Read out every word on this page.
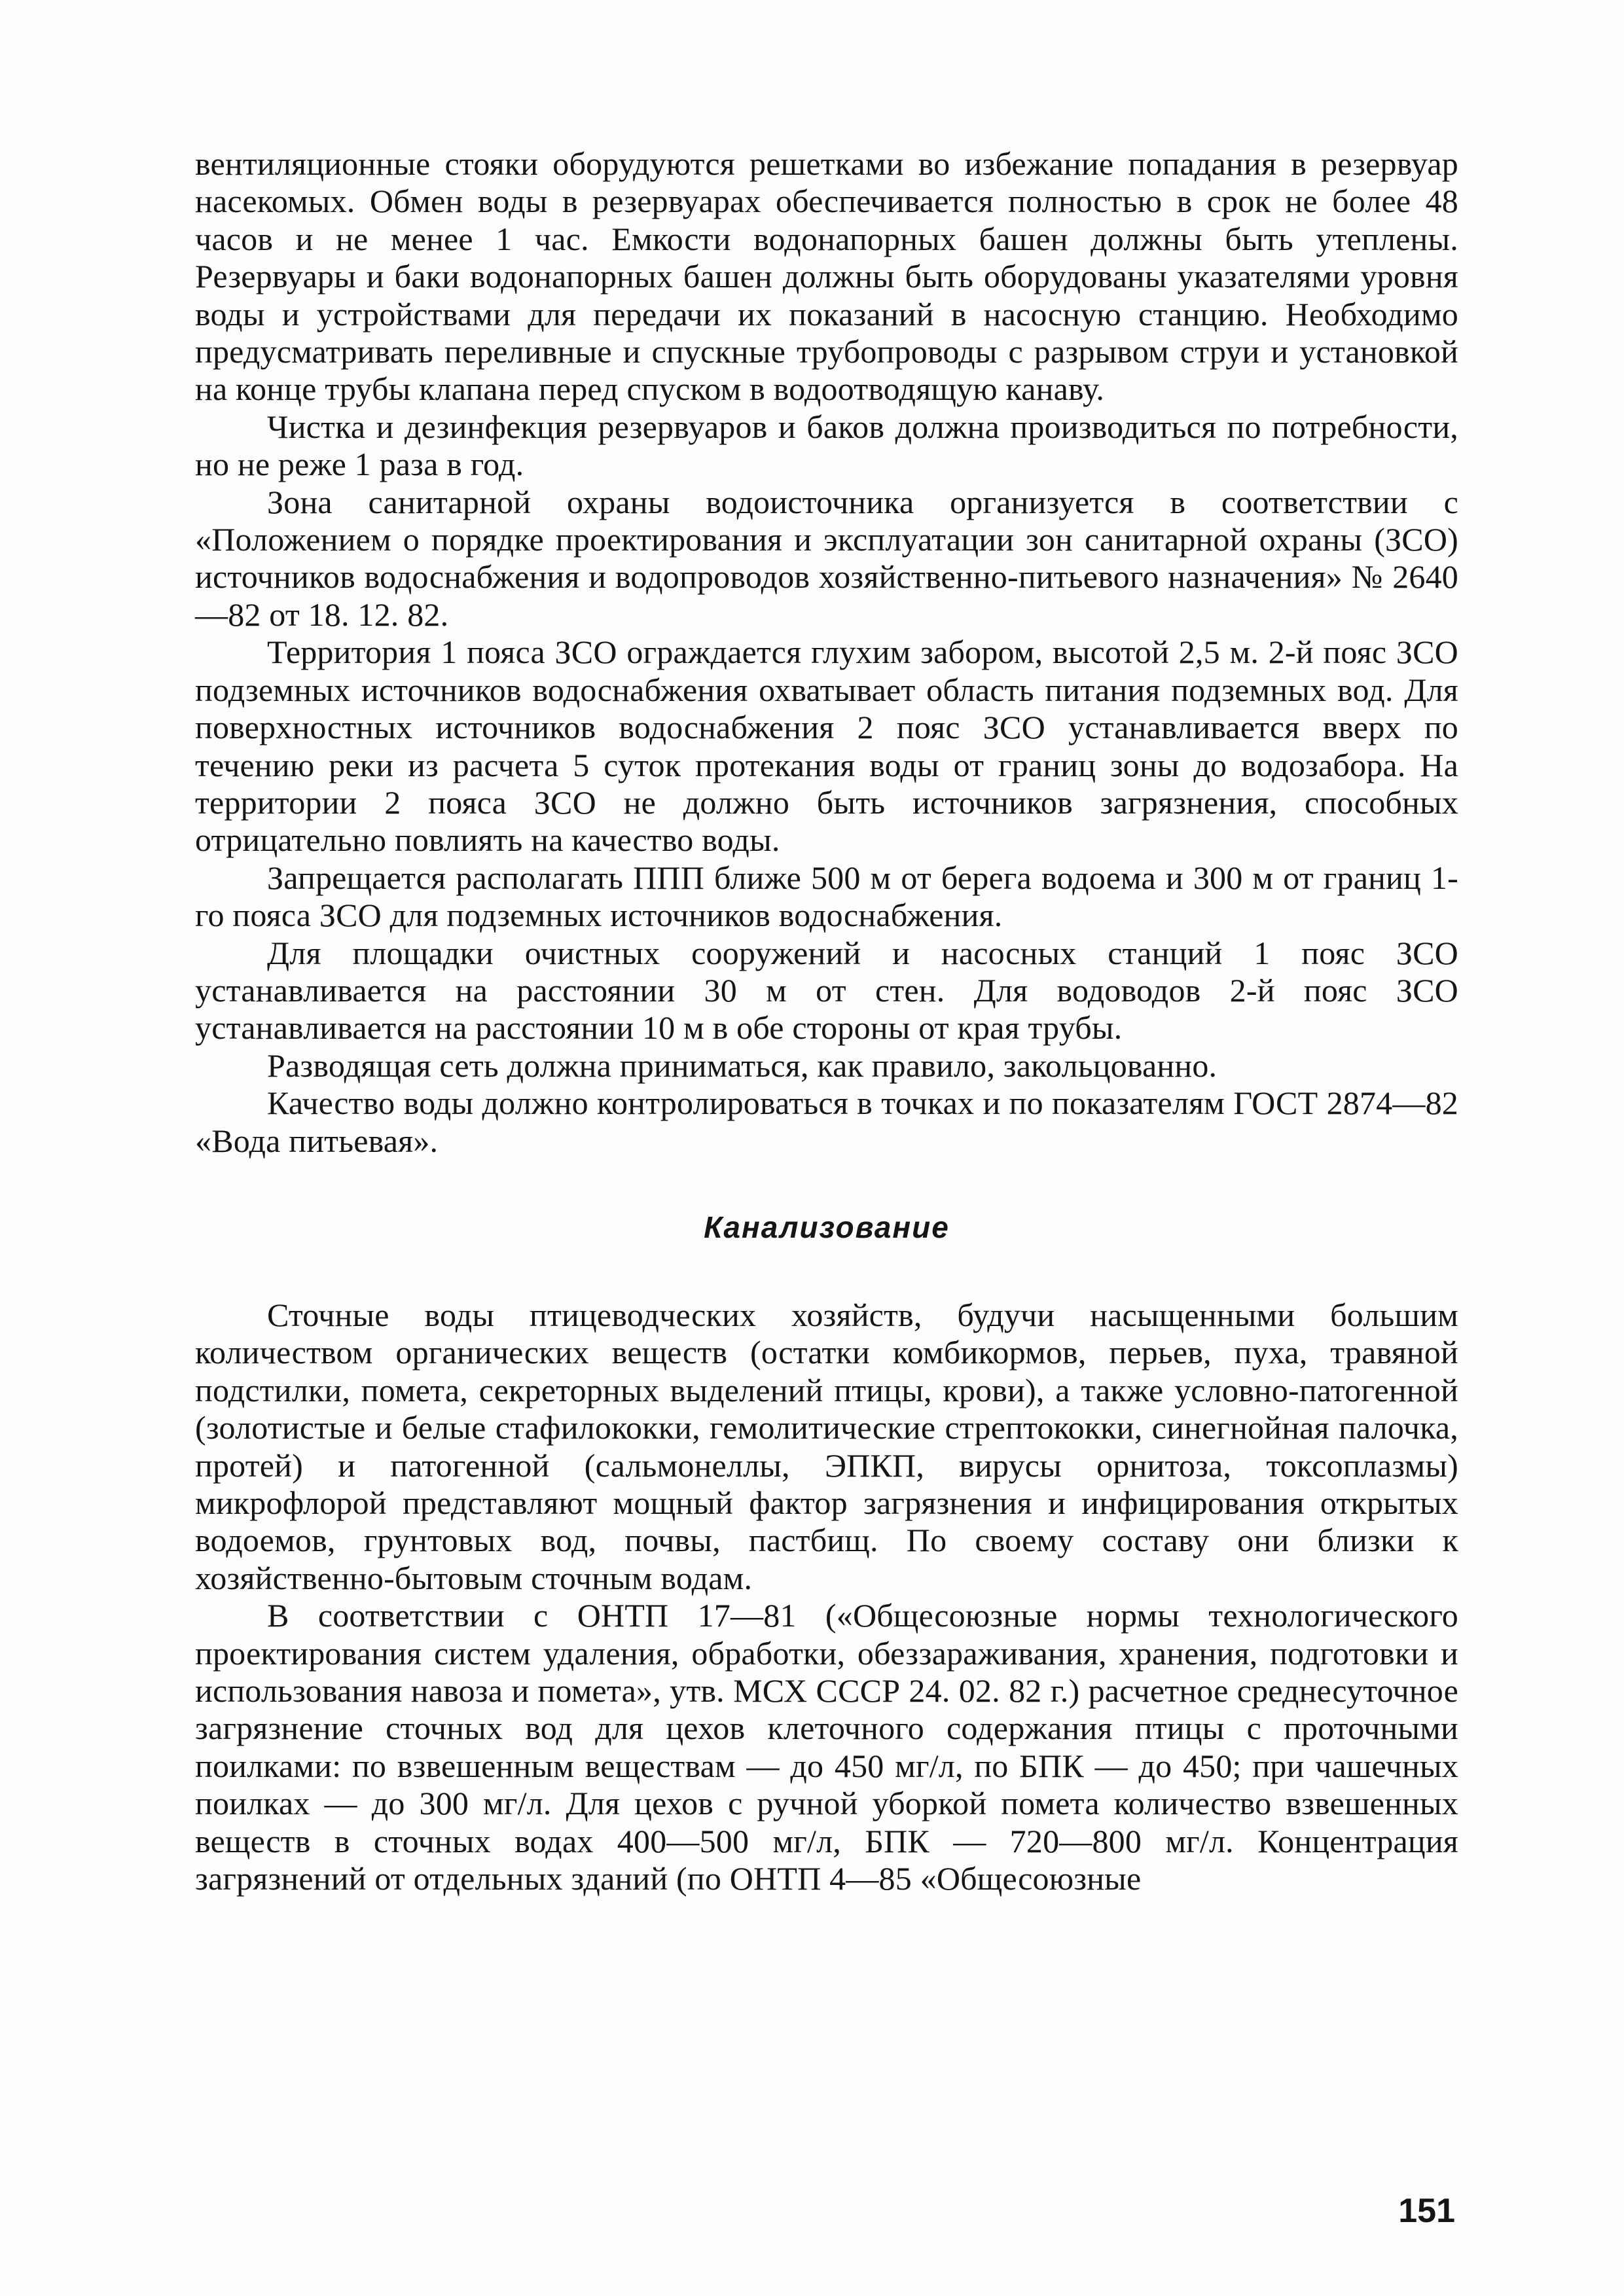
вентиляционные стояки оборудуются решетками во избежание попадания в резервуар насекомых. Обмен воды в резервуарах обеспечивается полностью в срок не более 48 часов и не менее 1 час. Емкости водонапорных башен должны быть утеплены. Резервуары и баки водонапорных башен должны быть оборудованы указателями уровня воды и устройствами для передачи их показаний в насосную станцию. Необходимо предусматривать переливные и спускные трубопроводы с разрывом струи и установкой на конце трубы клапана перед спуском в водоотводящую канаву.

Чистка и дезинфекция резервуаров и баков должна производиться по потребности, но не реже 1 раза в год.

Зона санитарной охраны водоисточника организуется в соответствии с «Положением о порядке проектирования и эксплуатации зон санитарной охраны (ЗСО) источников водоснабжения и водопроводов хозяйственно-питьевого назначения» № 2640—82 от 18. 12. 82.

Территория 1 пояса ЗСО ограждается глухим забором, высотой 2,5 м. 2-й пояс ЗСО подземных источников водоснабжения охватывает область питания подземных вод. Для поверхностных источников водоснабжения 2 пояс ЗСО устанавливается вверх по течению реки из расчета 5 суток протекания воды от границ зоны до водозабора. На территории 2 пояса ЗСО не должно быть источников загрязнения, способных отрицательно повлиять на качество воды.

Запрещается располагать ППП ближе 500 м от берега водоема и 300 м от границ 1-го пояса ЗСО для подземных источников водоснабжения.

Для площадки очистных сооружений и насосных станций 1 пояс ЗСО устанавливается на расстоянии 30 м от стен. Для водоводов 2-й пояс ЗСО устанавливается на расстоянии 10 м в обе стороны от края трубы.

Разводящая сеть должна приниматься, как правило, закольцованно.

Качество воды должно контролироваться в точках и по показателям ГОСТ 2874—82 «Вода питьевая».

Канализование

Сточные воды птицеводческих хозяйств, будучи насыщенными большим количеством органических веществ (остатки комбикормов, перьев, пуха, травяной подстилки, помета, секреторных выделений птицы, крови), а также условно-патогенной (золотистые и белые стафилококки, гемолитические стрептококки, синегнойная палочка, протей) и патогенной (сальмонеллы, ЭПКП, вирусы орнитоза, токсоплазмы) микрофлорой представляют мощный фактор загрязнения и инфицирования открытых водоемов, грунтовых вод, почвы, пастбищ. По своему составу они близки к хозяйственно-бытовым сточным водам.

В соответствии с ОНТП 17—81 («Общесоюзные нормы технологического проектирования систем удаления, обработки, обеззараживания, хранения, подготовки и использования навоза и помета», утв. МСХ СССР 24. 02. 82 г.) расчетное среднесуточное загрязнение сточных вод для цехов клеточного содержания птицы с проточными поилками: по взвешенным веществам — до 450 мг/л, по БПК — до 450; при чашечных поилках — до 300 мг/л. Для цехов с ручной уборкой помета количество взвешенных веществ в сточных водах 400—500 мг/л, БПК — 720—800 мг/л. Концентрация загрязнений от отдельных зданий (по ОНТП 4—85 «Общесоюзные

151
